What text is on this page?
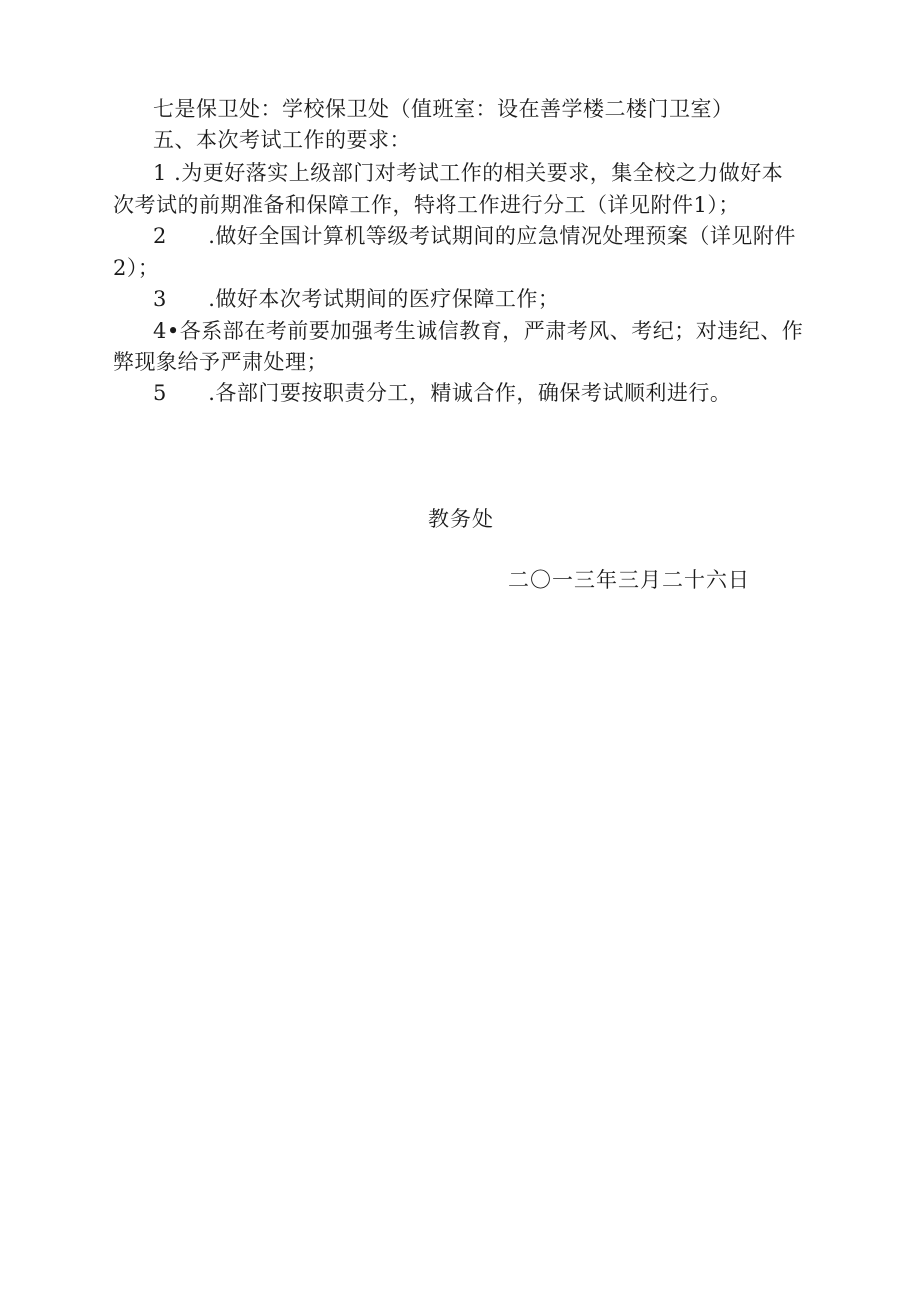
七是保卫处：学校保卫处（值班室：设在善学楼二楼门卫室）
五、本次考试工作的要求：
1 .为更好落实上级部门对考试工作的相关要求，集全校之力做好本
次考试的前期准备和保障工作，特将工作进行分工（详见附件1）；
2 .做好全国计算机等级考试期间的应急情况处理预案（详见附件
2）；
3 .做好本次考试期间的医疗保障工作；
4•各系部在考前要加强考生诚信教育，严肃考风、考纪；对违纪、作
弊现象给予严肃处理；
5 .各部门要按职责分工，精诚合作，确保考试顺利进行。
教务处
二〇一三年三月二十六日
